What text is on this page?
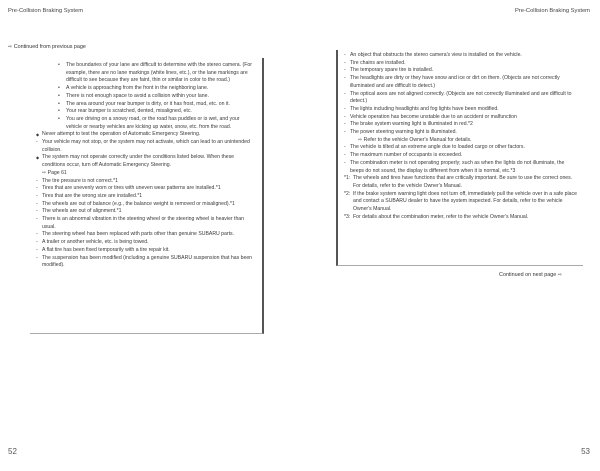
Pre-Collision Braking System
⇨ Continued from previous page
• The boundaries of your lane are difficult to determine with the stereo camera. (For example, there are no lane markings (white lines, etc.), or the lane markings are difficult to see because they are faint, thin or similar in color to the road.)
• A vehicle is approaching from the front in the neighboring lane.
• There is not enough space to avoid a collision within your lane.
• The area around your rear bumper is dirty, or it has frost, mud, etc. on it.
• Your rear bumper is scratched, dented, misaligned, etc.
• You are driving on a snowy road, or the road has puddles or is wet, and your vehicle or nearby vehicles are kicking up water, snow, etc. from the road.
◆ Never attempt to test the operation of Automatic Emergency Steering.
- Your vehicle may not stop, or the system may not activate, which can lead to an unintended collision.
◆ The system may not operate correctly under the conditions listed below. When these conditions occur, turn off Automatic Emergency Steering.
⇨ Page 61
- The tire pressure is not correct.*1
- Tires that are unevenly worn or tires with uneven wear patterns are installed.*1
- Tires that are the wrong size are installed.*1
- The wheels are out of balance (e.g., the balance weight is removed or misaligned).*1
- The wheels are out of alignment.*1
- There is an abnormal vibration in the steering wheel or the steering wheel is heavier than usual.
- The steering wheel has been replaced with parts other than genuine SUBARU parts.
- A trailer or another vehicle, etc. is being towed.
- A flat tire has been fixed temporarily with a tire repair kit.
- The suspension has been modified (including a genuine SUBARU suspension that has been modified).
52
Pre-Collision Braking System
- An object that obstructs the stereo camera's view is installed on the vehicle.
- Tire chains are installed.
- The temporary spare tire is installed.
- The headlights are dirty or they have snow and ice or dirt on them. (Objects are not correctly illuminated and are difficult to detect.)
- The optical axes are not aligned correctly. (Objects are not correctly illuminated and are difficult to detect.)
- The lights including headlights and fog lights have been modified.
- Vehicle operation has become unstable due to an accident or malfunction
- The brake system warning light is illuminated in red.*2
- The power steering warning light is illuminated.
⇨ Refer to the vehicle Owner's Manual for details.
- The vehicle is tilted at an extreme angle due to loaded cargo or other factors.
- The maximum number of occupants is exceeded.
- The combination meter is not operating properly; such as when the lights do not illuminate, the beeps do not sound, the display is different from when it is normal, etc.*3
*1: The wheels and tires have functions that are critically important. Be sure to use the correct ones. For details, refer to the vehicle Owner's Manual.
*2: If the brake system warning light does not turn off, immediately pull the vehicle over in a safe place and contact a SUBARU dealer to have the system inspected. For details, refer to the vehicle Owner's Manual.
*3: For details about the combination meter, refer to the vehicle Owner's Manual.
Continued on next page ⇨
53
